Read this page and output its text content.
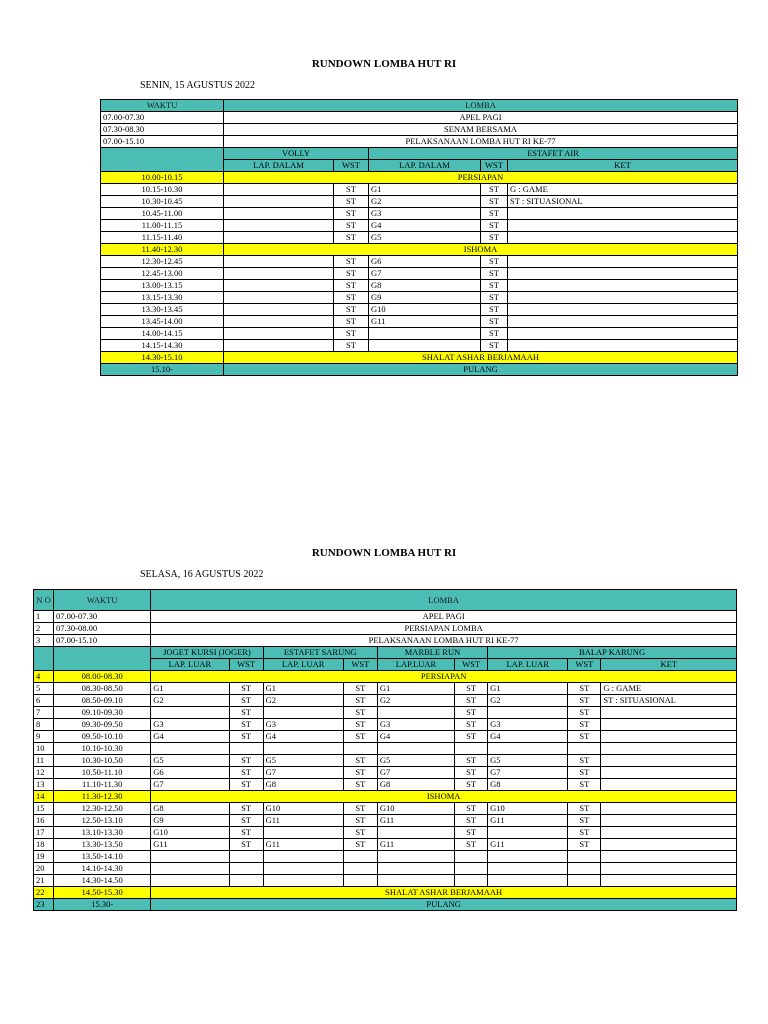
RUNDOWN LOMBA HUT RI
SENIN, 15 AGUSTUS 2022
WAKTU	LOMBA				
07.00-07.30	APEL PAGI				
07.30-08.30	SENAM BERSAMA				
07.00-15.10	PELAKSANAAN LOMBA HUT RI KE-77				
	VOLLY		ESTAFET AIR		
	LAP. DALAM	WST	LAP. DALAM	WST	KET
10.00-10.15	PERSIAPAN				
10.15-10.30		ST	G1	ST	G : GAME
10.30-10.45		ST	G2	ST	ST : SITUASIONAL
10.45-11.00		ST	G3	ST	
11.00-11.15		ST	G4	ST	
11.15-11.40		ST	G5	ST	
11.40-12.30	ISHOMA				
12.30-12.45		ST	G6	ST	
12.45-13.00		ST	G7	ST	
13.00-13.15		ST	G8	ST	
13.15-13.30		ST	G9	ST	
13.30-13.45		ST	G10	ST	
13.45-14.00		ST	G11	ST	
14.00-14.15		ST		ST	
14.15-14.30		ST		ST	
14.30-15.10	SHALAT ASHAR BERJAMAAH				
15.10-	PULANG				
RUNDOWN LOMBA HUT RI
SELASA, 16 AGUSTUS 2022
N O	WAKTU	LOMBA								
1	07.00-07.30	APEL PAGI								
2	07.30-08.00	PERSIAPAN LOMBA								
3	07.00-15.10	PELAKSANAAN LOMBA HUT RI KE-77								
		JOGET KURSI (JOGER)		ESTAFET SARUNG		MARBLE RUN		BALAP KARUNG		
		LAP. LUAR	WST	LAP. LUAR	WST	LAP.LUAR	WST	LAP. LUAR	WST	KET
4	08.00-08.30	PERSIAPAN								
5	08.30-08.50	G1	ST	G1	ST	G1	ST	G1	ST	G : GAME
6	08.50-09.10	G2	ST	G2	ST	G2	ST	G2	ST	ST : SITUASIONAL
7	09.10-09.30		ST		ST		ST		ST	
8	09.30-09.50	G3	ST	G3	ST	G3	ST	G3	ST	
9	09.50-10.10	G4	ST	G4	ST	G4	ST	G4	ST	
10	10.10-10.30									
11	10.30-10.50	G5	ST	G5	ST	G5	ST	G5	ST	
12	10.50-11.10	G6	ST	G7	ST	G7	ST	G7	ST	
13	11.10-11.30	G7	ST	G8	ST	G8	ST	G8	ST	
14	11.30-12.30	ISHOMA								
15	12.30-12.50	G8	ST	G10	ST	G10	ST	G10	ST	
16	12.50-13.10	G9	ST	G11	ST	G11	ST	G11	ST	
17	13.10-13.30	G10	ST		ST		ST		ST	
18	13.30-13.50	G11	ST	G11	ST	G11	ST	G11	ST	
19	13.50-14.10									
20	14.10-14.30									
21	14.30-14.50									
22	14.50-15.30	SHALAT ASHAR BERJAMAAH								
23	15.30-	PULANG								
